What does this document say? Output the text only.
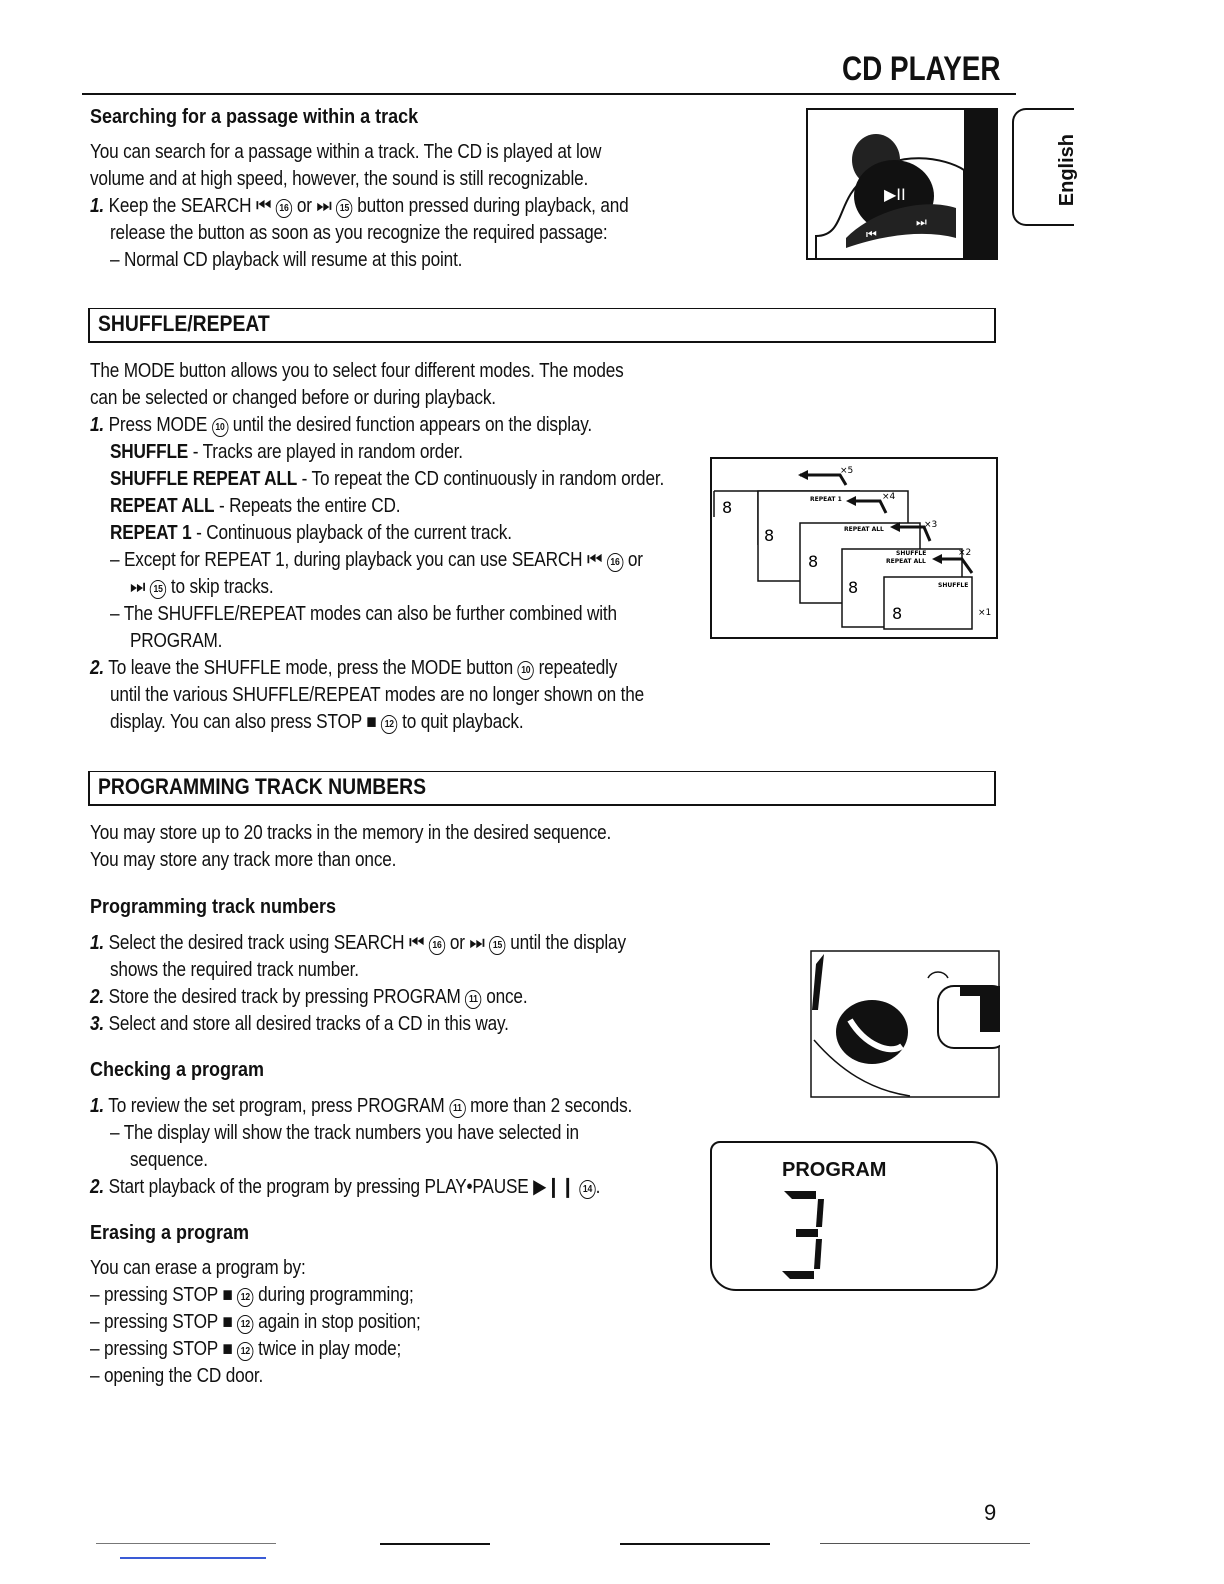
CD PLAYER
English
▶II
⏭
⏮
Searching for a passage within a track
You can search for a passage within a track. The CD is played at low
volume and at high speed, however, the sound is still recognizable.
1. Keep the SEARCH ⏮ 16 or ⏭ 15 button pressed during playback, and
release the button as soon as you recognize the required passage:
– Normal CD playback will resume at this point.
SHUFFLE/REPEAT
The MODE button allows you to select four different modes. The modes
can be selected or changed before or during playback.
1. Press MODE 10 until the desired function appears on the display.
SHUFFLE - Tracks are played in random order.
SHUFFLE REPEAT ALL - To repeat the CD continuously in random order.
REPEAT ALL - Repeats the entire CD.
REPEAT 1 - Continuous playback of the current track.
– Except for REPEAT 1, during playback you can use SEARCH ⏮ 16 or
⏭ 15 to skip tracks.
– The SHUFFLE/REPEAT modes can also be further combined with
PROGRAM.
2. To leave the SHUFFLE mode, press the MODE button 10 repeatedly
until the various SHUFFLE/REPEAT modes are no longer shown on the
display. You can also press STOP ■ 12 to quit playback.
8
8
8
8
8
REPEAT 1
REPEAT ALL
SHUFFLE
REPEAT ALL
SHUFFLE
×5
×4
×3
×2
×1
PROGRAMMING TRACK NUMBERS
You may store up to 20 tracks in the memory in the desired sequence.
You may store any track more than once.
Programming track numbers
1. Select the desired track using SEARCH ⏮ 16 or ⏭ 15 until the display
shows the required track number.
2. Store the desired track by pressing PROGRAM 11 once.
3. Select and store all desired tracks of a CD in this way.
Checking a program
1. To review the set program, press PROGRAM 11 more than 2 seconds.
– The display will show the track numbers you have selected in
sequence.
2. Start playback of the program by pressing PLAY•PAUSE ▶❙❙ 14 .
Erasing a program
You can erase a program by:
– pressing STOP ■ 12 during programming;
– pressing STOP ■ 12 again in stop position;
– pressing STOP ■ 12 twice in play mode;
– opening the CD door.
PROGRAM
9
